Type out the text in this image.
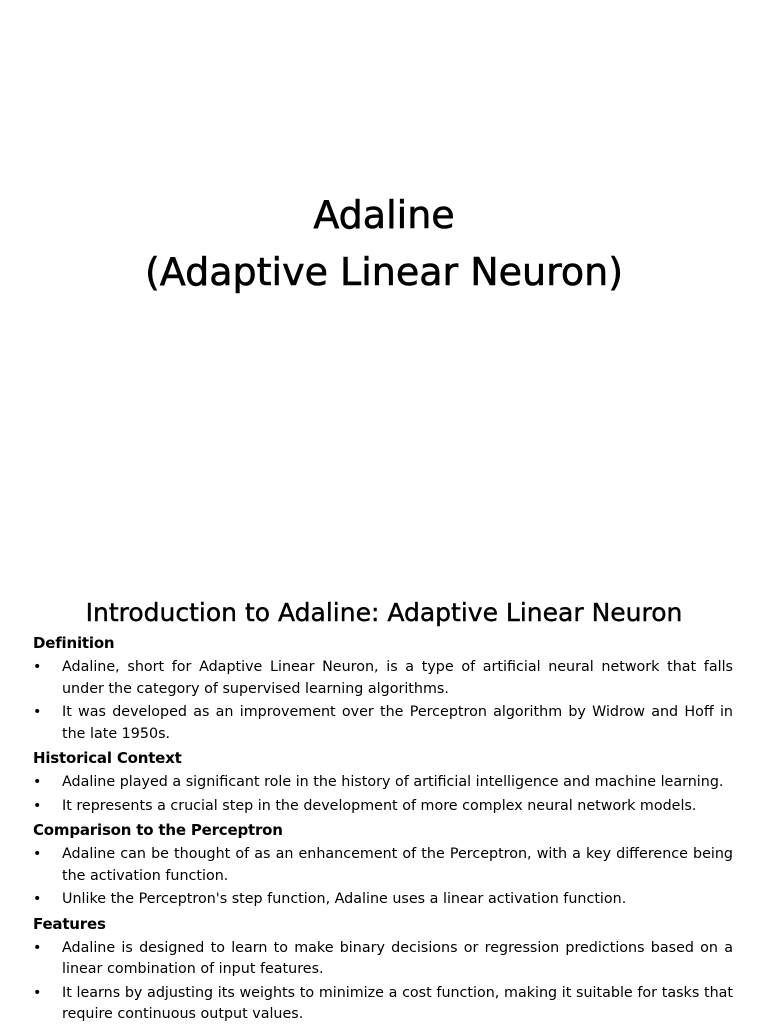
Adaline
(Adaptive Linear Neuron)
Introduction to Adaline: Adaptive Linear Neuron
Definition
• Adaline, short for Adaptive Linear Neuron, is a type of artificial neural network that falls under the category of supervised learning algorithms.
• It was developed as an improvement over the Perceptron algorithm by Widrow and Hoff in the late 1950s.
Historical Context
• Adaline played a significant role in the history of artificial intelligence and machine learning.
• It represents a crucial step in the development of more complex neural network models.
Comparison to the Perceptron
• Adaline can be thought of as an enhancement of the Perceptron, with a key difference being the activation function.
• Unlike the Perceptron's step function, Adaline uses a linear activation function.
Features
• Adaline is designed to learn to make binary decisions or regression predictions based on a linear combination of input features.
• It learns by adjusting its weights to minimize a cost function, making it suitable for tasks that require continuous output values.
